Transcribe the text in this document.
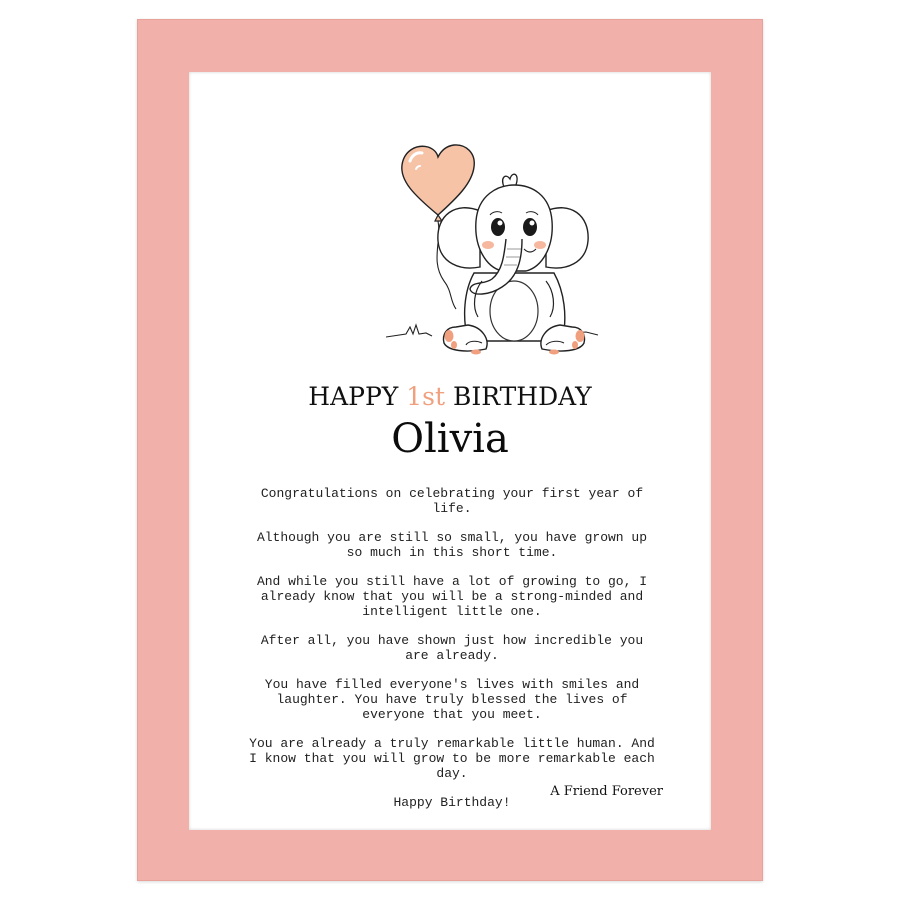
HAPPY 1st BIRTHDAY
Olivia

Congratulations on celebrating your first year of life.

Although you are still so small, you have grown up so much in this short time.

And while you still have a lot of growing to go, I already know that you will be a strong-minded and intelligent little one.

After all, you have shown just how incredible you are already.

You have filled everyone's lives with smiles and laughter. You have truly blessed the lives of everyone that you meet.

You are already a truly remarkable little human. And I know that you will grow to be more remarkable each day.

Happy Birthday!

A Friend Forever
